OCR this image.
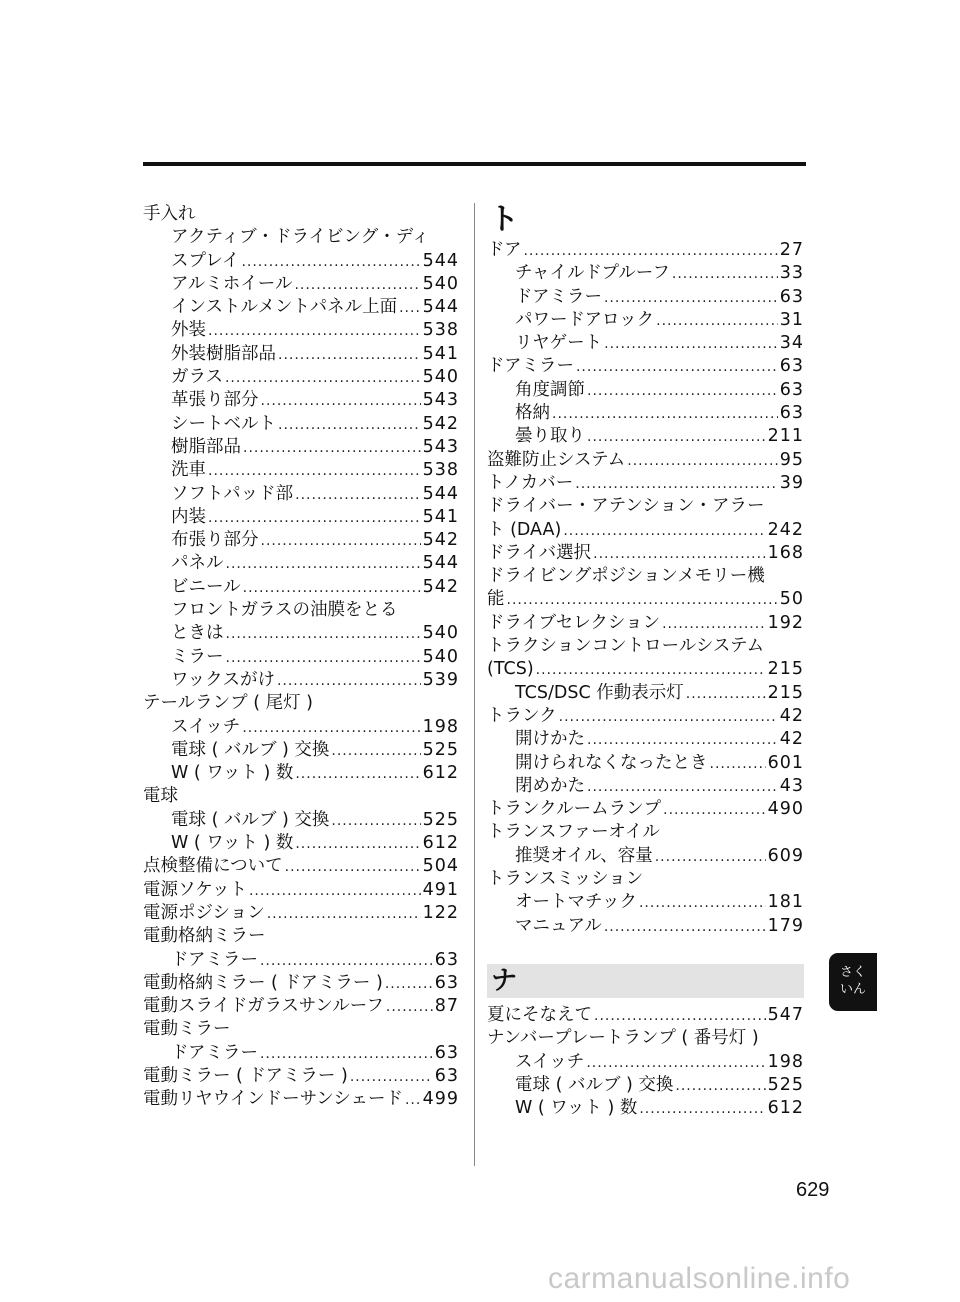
手入れ
アクティブ・ドライビング・ディ
スプレイ .....	544
アルミホイール .....	540
インストルメントパネル上面 ..... 544
外装 .....	538
外装樹脂部品 .....	541
ガラス .....	540
革張り部分 .....	543
シートベルト .....	542
樹脂部品 .....	543
洗車 .....	538
ソフトパッド部 .....	544
内装 .....	541
布張り部分 .....	542
パネル .....	544
ビニール .....	542
フロントガラスの油膜をとる
ときは .....	540
ミラー .....	540
ワックスがけ .....	539
テールランプ ( 尾灯 )
スイッチ .....	198
電球 ( バルブ ) 交換 .....	525
W ( ワット ) 数 .....	612
電球
電球 ( バルブ ) 交換 .....	525
W ( ワット ) 数 .....	612
点検整備について .....	504
電源ソケット .....	491
電源ポジション .....	122
電動格納ミラー
ドアミラー .....	63
電動格納ミラー ( ドアミラー ) .....	63
電動スライドガラスサンルーフ .....	87
電動ミラー
ドアミラー .....	63
電動ミラー ( ドアミラー ) .....	63
電動リヤウインドーサンシェード ..... 499
ト
ドア .....	27
チャイルドプルーフ .....	33
ドアミラー .....	63
パワードアロック .....	31
リヤゲート .....	34
ドアミラー .....	63
角度調節 .....	63
格納 .....	63
曇り取り .....	211
盗難防止システム .....	95
トノカバー .....	39
ドライバー・アテンション・アラー
ト (DAA) .....	242
ドライバ選択 .....	168
ドライビングポジションメモリー機
能 .....	50
ドライブセレクション .....	192
トラクションコントロールシステム
(TCS) .....	215
TCS/DSC 作動表示灯 .....	215
トランク .....	42
開けかた .....	42
開けられなくなったとき .....	601
閉めかた .....	43
トランクルームランプ .....	490
トランスファーオイル
推奨オイル、容量 .....	609
トランスミッション
オートマチック .....	181
マニュアル .....	179
ナ
夏にそなえて .....	547
ナンバープレートランプ ( 番号灯 )
スイッチ .....	198
電球 ( バルブ ) 交換 .....	525
W ( ワット ) 数 .....	612
さく
いん
629
carmanualsonline.info
